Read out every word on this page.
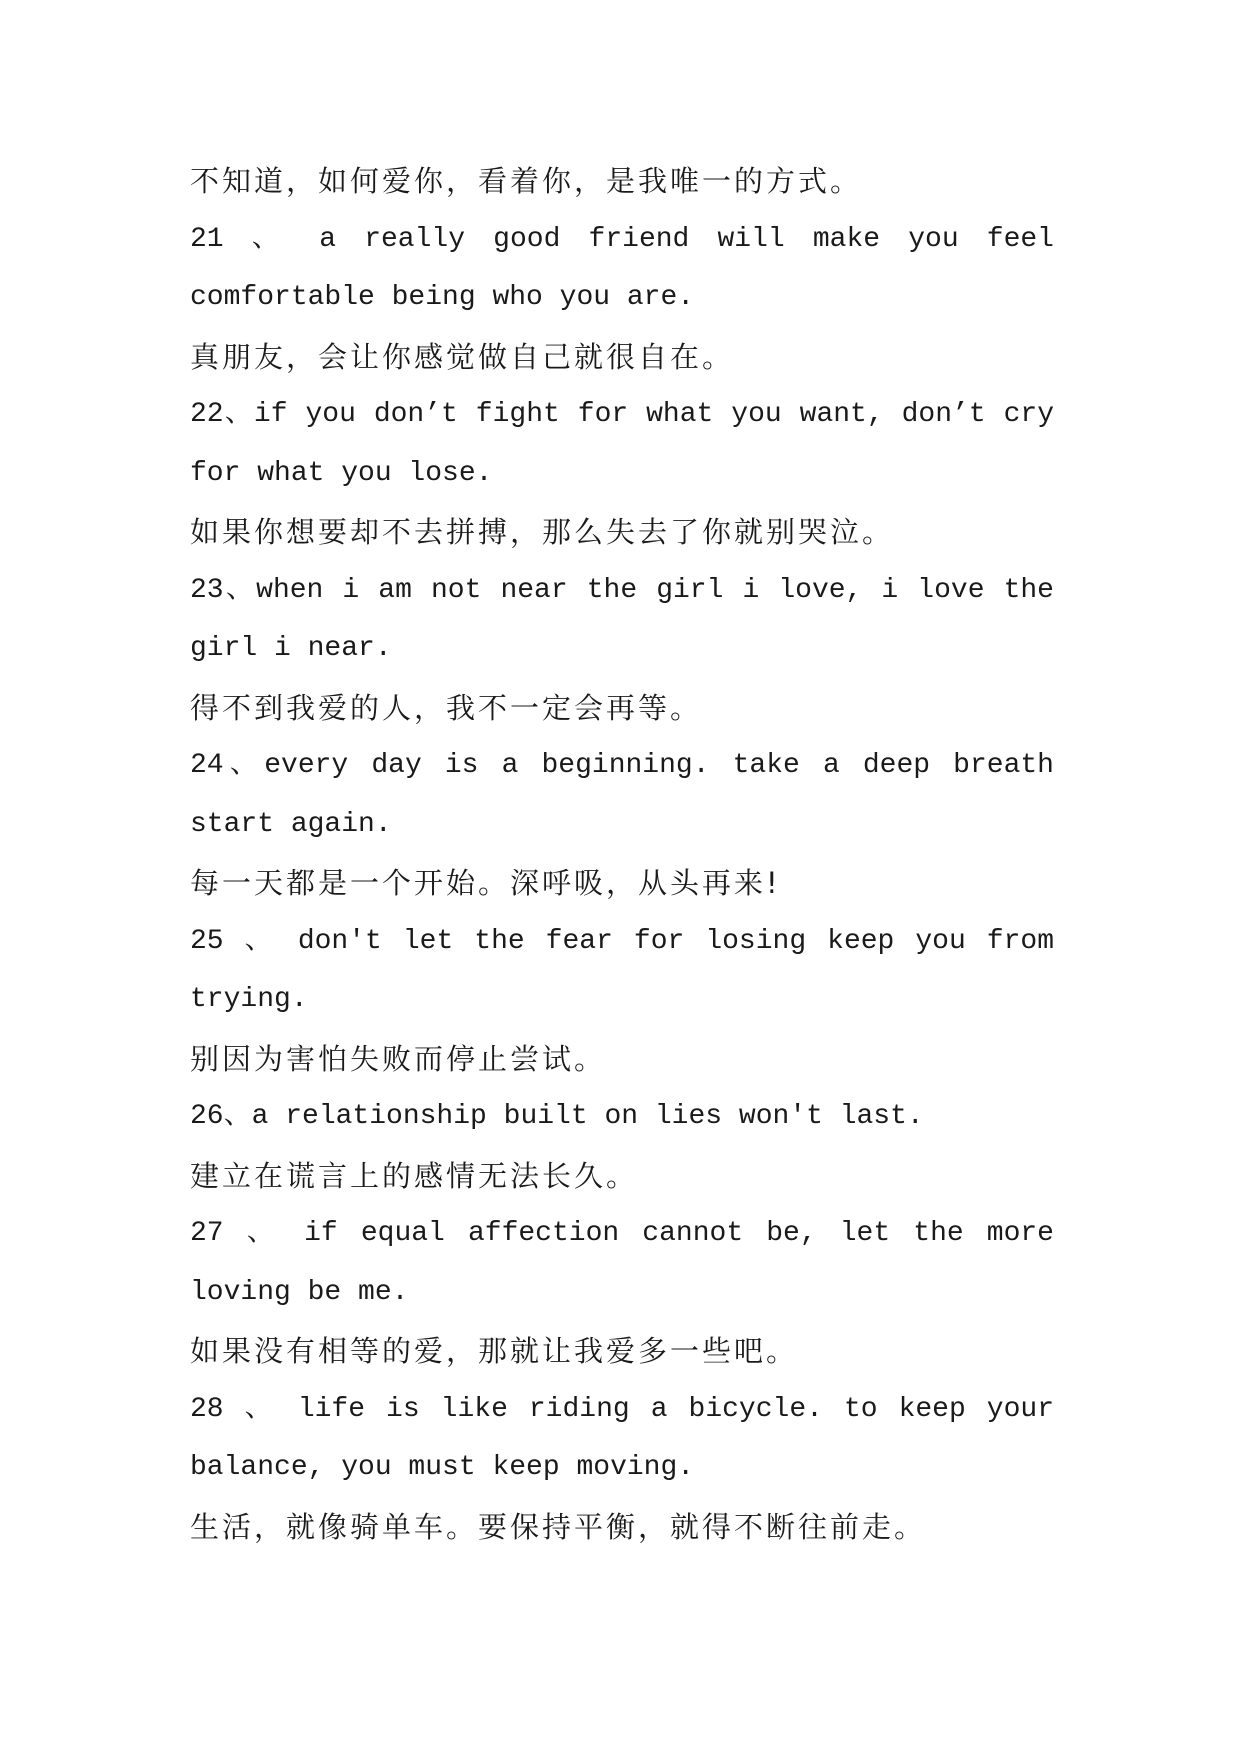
不知道，如何爱你，看着你，是我唯一的方式。
21 、 a really good friend will make you feel
comfortable being who you are.
真朋友，会让你感觉做自己就很自在。
22、if you don’t fight for what you want, don’t cry
for what you lose.
如果你想要却不去拼搏，那么失去了你就别哭泣。
23、when i am not near the girl i love, i love the
girl i near.
得不到我爱的人，我不一定会再等。
24、every day is a beginning. take a deep breath
start again.
每一天都是一个开始。深呼吸，从头再来!
25 、 don't let the fear for losing keep you from
trying.
别因为害怕失败而停止尝试。
26、a relationship built on lies won't last.
建立在谎言上的感情无法长久。
27 、 if equal affection cannot be, let the more
loving be me.
如果没有相等的爱，那就让我爱多一些吧。
28 、 life is like riding a bicycle. to keep your
balance, you must keep moving.
生活，就像骑单车。要保持平衡，就得不断往前走。
